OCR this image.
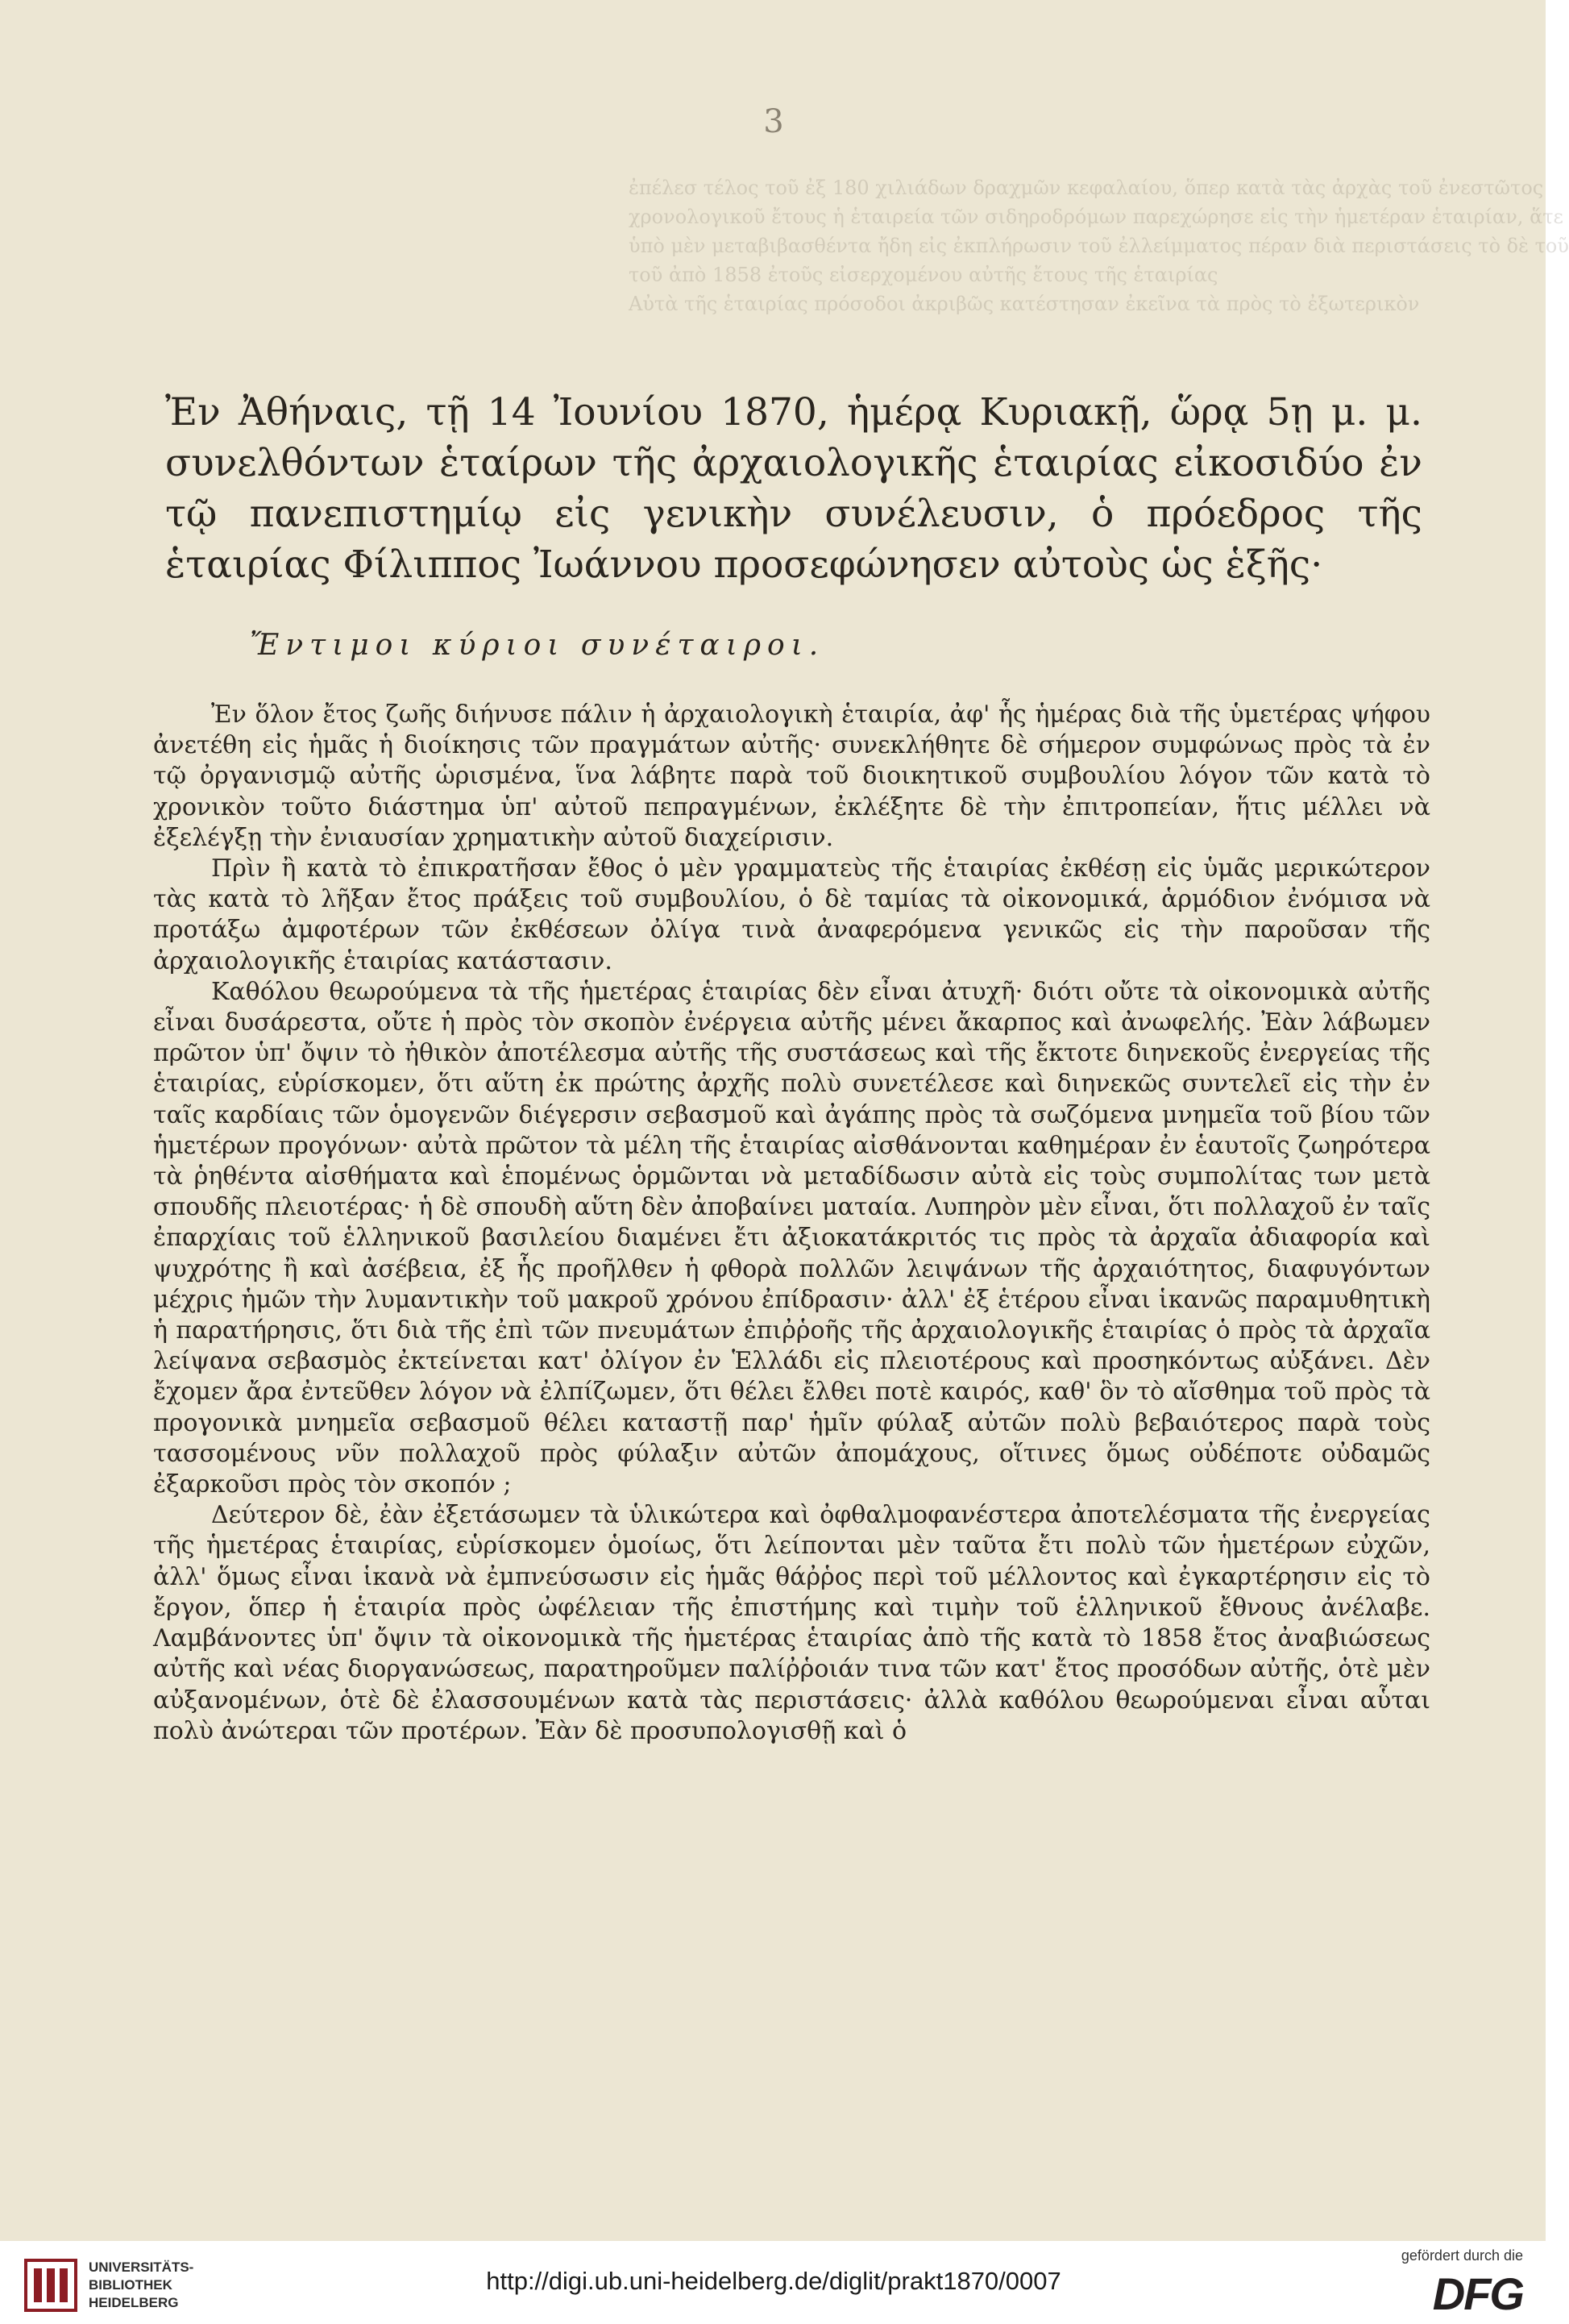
3
ἐπέλεσ τέλος τοῦ ἐξ 180 χιλιάδων δραχμῶν κεφαλαίου, ὅπερ κατὰ τὰς ἀρχὰς τοῦ ἐνεστῶτος
χρονολογικοῦ ἔτους ἡ ἑταιρεία τῶν σιδηροδρόμων παρεχώρησε εἰς τὴν ἡμετέραν ἑταιρίαν, ἅτε
ὑπὸ μὲν μεταβιβασθέντα ἤδη εἰς ἐκπλήρωσιν τοῦ ἐλλείμματος πέραν διὰ περιστάσεις τὸ δὲ τοῦ
τοῦ ἀπὸ 1858 ἐτοῦς εἰσερχομένου αὐτῆς ἔτους τῆς ἑταιρίας
Αὐτὰ τῆς ἑταιρίας πρόσοδοι ἀκριβῶς κατέστησαν ἐκεῖνα τὰ πρὸς τὸ ἐξωτερικὸν
Ἐν Ἀθήναις, τῇ 14 Ἰουνίου 1870, ἡμέρᾳ Κυριακῇ, ὥρᾳ 5ῃ μ. μ. συνελθόντων ἑταίρων τῆς ἀρχαιολογικῆς ἑταιρίας εἰκοσιδύο ἐν τῷ πανεπιστημίῳ εἰς γενικὴν συνέλευσιν, ὁ πρόεδρος τῆς ἑταιρίας Φίλιππος Ἰωάννου προσεφώνησεν αὐτοὺς ὡς ἑξῆς·
Ἔντιμοι κύριοι συνέταιροι.

Ἐν ὅλον ἔτος ζωῆς διήνυσε πάλιν ἡ ἀρχαιολογικὴ ἑταιρία, ἀφ' ἧς ἡμέρας διὰ τῆς ὑμετέρας ψήφου ἀνετέθη εἰς ἡμᾶς ἡ διοίκησις τῶν πραγμάτων αὐτῆς· συνεκλήθητε δὲ σήμερον συμφώνως πρὸς τὰ ἐν τῷ ὀργανισμῷ αὐτῆς ὡρισμένα, ἵνα λάβητε παρὰ τοῦ διοικητικοῦ συμβουλίου λόγον τῶν κατὰ τὸ χρονικὸν τοῦτο διάστημα ὑπ' αὐτοῦ πεπραγμένων, ἐκλέξητε δὲ τὴν ἐπιτροπείαν, ἥτις μέλλει νὰ ἐξελέγξῃ τὴν ἐνιαυσίαν χρηματικὴν αὐτοῦ διαχείρισιν.

Πρὶν ἢ κατὰ τὸ ἐπικρατῆσαν ἔθος ὁ μὲν γραμματεὺς τῆς ἑταιρίας ἐκθέσῃ εἰς ὑμᾶς μερικώτερον τὰς κατὰ τὸ λῆξαν ἔτος πράξεις τοῦ συμβουλίου, ὁ δὲ ταμίας τὰ οἰκονομικά, ἁρμόδιον ἐνόμισα νὰ προτάξω ἀμφοτέρων τῶν ἐκθέσεων ὀλίγα τινὰ ἀναφερόμενα γενικῶς εἰς τὴν παροῦσαν τῆς ἀρχαιολογικῆς ἑταιρίας κατάστασιν.

Καθόλου θεωρούμενα τὰ τῆς ἡμετέρας ἑταιρίας δὲν εἶναι ἀτυχῆ· διότι οὔτε τὰ οἰκονομικὰ αὐτῆς εἶναι δυσάρεστα, οὔτε ἡ πρὸς τὸν σκοπὸν ἐνέργεια αὐτῆς μένει ἄκαρπος καὶ ἀνωφελής. Ἐὰν λάβωμεν πρῶτον ὑπ' ὄψιν τὸ ἠθικὸν ἀποτέλεσμα αὐτῆς τῆς συστάσεως καὶ τῆς ἔκτοτε διηνεκοῦς ἐνεργείας τῆς ἑταιρίας, εὑρίσκομεν, ὅτι αὕτη ἐκ πρώτης ἀρχῆς πολὺ συνετέλεσε καὶ διηνεκῶς συντελεῖ εἰς τὴν ἐν ταῖς καρδίαις τῶν ὁμογενῶν διέγερσιν σεβασμοῦ καὶ ἀγάπης πρὸς τὰ σωζόμενα μνημεῖα τοῦ βίου τῶν ἡμετέρων προγόνων· αὐτὰ πρῶτον τὰ μέλη τῆς ἑταιρίας αἰσθάνονται καθημέραν ἐν ἑαυτοῖς ζωηρότερα τὰ ῥηθέντα αἰσθήματα καὶ ἑπομένως ὁρμῶνται νὰ μεταδίδωσιν αὐτὰ εἰς τοὺς συμπολίτας των μετὰ σπουδῆς πλειοτέρας· ἡ δὲ σπουδὴ αὕτη δὲν ἀποβαίνει ματαία. Λυπηρὸν μὲν εἶναι, ὅτι πολλαχοῦ ἐν ταῖς ἐπαρχίαις τοῦ ἑλληνικοῦ βασιλείου διαμένει ἔτι ἀξιοκατάκριτός τις πρὸς τὰ ἀρχαῖα ἀδιαφορία καὶ ψυχρότης ἢ καὶ ἀσέβεια, ἐξ ἧς προῆλθεν ἡ φθορὰ πολλῶν λειψάνων τῆς ἀρχαιότητος, διαφυγόντων μέχρις ἡμῶν τὴν λυμαντικὴν τοῦ μακροῦ χρόνου ἐπίδρασιν· ἀλλ' ἐξ ἑτέρου εἶναι ἱκανῶς παραμυθητικὴ ἡ παρατήρησις, ὅτι διὰ τῆς ἐπὶ τῶν πνευμάτων ἐπιῤῥοῆς τῆς ἀρχαιολογικῆς ἑταιρίας ὁ πρὸς τὰ ἀρχαῖα λείψανα σεβασμὸς ἐκτείνεται κατ' ὀλίγον ἐν Ἑλλάδι εἰς πλειοτέρους καὶ προσηκόντως αὐξάνει. Δὲν ἔχομεν ἄρα ἐντεῦθεν λόγον νὰ ἐλπίζωμεν, ὅτι θέλει ἔλθει ποτὲ καιρός, καθ' ὃν τὸ αἴσθημα τοῦ πρὸς τὰ προγονικὰ μνημεῖα σεβασμοῦ θέλει καταστῇ παρ' ἡμῖν φύλαξ αὐτῶν πολὺ βεβαιότερος παρὰ τοὺς τασσομένους νῦν πολλαχοῦ πρὸς φύλαξιν αὐτῶν ἀπομάχους, οἵτινες ὅμως οὐδέποτε οὐδαμῶς ἐξαρκοῦσι πρὸς τὸν σκοπόν ;

Δεύτερον δὲ, ἐὰν ἐξετάσωμεν τὰ ὑλικώτερα καὶ ὀφθαλμοφανέστερα ἀποτελέσματα τῆς ἐνεργείας τῆς ἡμετέρας ἑταιρίας, εὑρίσκομεν ὁμοίως, ὅτι λείπονται μὲν ταῦτα ἔτι πολὺ τῶν ἡμετέρων εὐχῶν, ἀλλ' ὅμως εἶναι ἱκανὰ νὰ ἐμπνεύσωσιν εἰς ἡμᾶς θάῤῥος περὶ τοῦ μέλλοντος καὶ ἐγκαρτέρησιν εἰς τὸ ἔργον, ὅπερ ἡ ἑταιρία πρὸς ὠφέλειαν τῆς ἐπιστήμης καὶ τιμὴν τοῦ ἑλληνικοῦ ἔθνους ἀνέλαβε. Λαμβάνοντες ὑπ' ὄψιν τὰ οἰκονομικὰ τῆς ἡμετέρας ἑταιρίας ἀπὸ τῆς κατὰ τὸ 1858 ἔτος ἀναβιώσεως αὐτῆς καὶ νέας διοργανώσεως, παρατηροῦμεν παλίῤῥοιάν τινα τῶν κατ' ἔτος προσόδων αὐτῆς, ὁτὲ μὲν αὐξανομένων, ὁτὲ δὲ ἐλασσουμένων κατὰ τὰς περιστάσεις· ἀλλὰ καθόλου θεωρούμεναι εἶναι αὗται πολὺ ἀνώτεραι τῶν προτέρων. Ἐὰν δὲ προσυπολογισθῇ καὶ ὁ

UNIVERSITÄTS-
BIBLIOTHEK
HEIDELBERG
http://digi.ub.uni-heidelberg.de/diglit/prakt1870/0007
gefördert durch die
DFG
